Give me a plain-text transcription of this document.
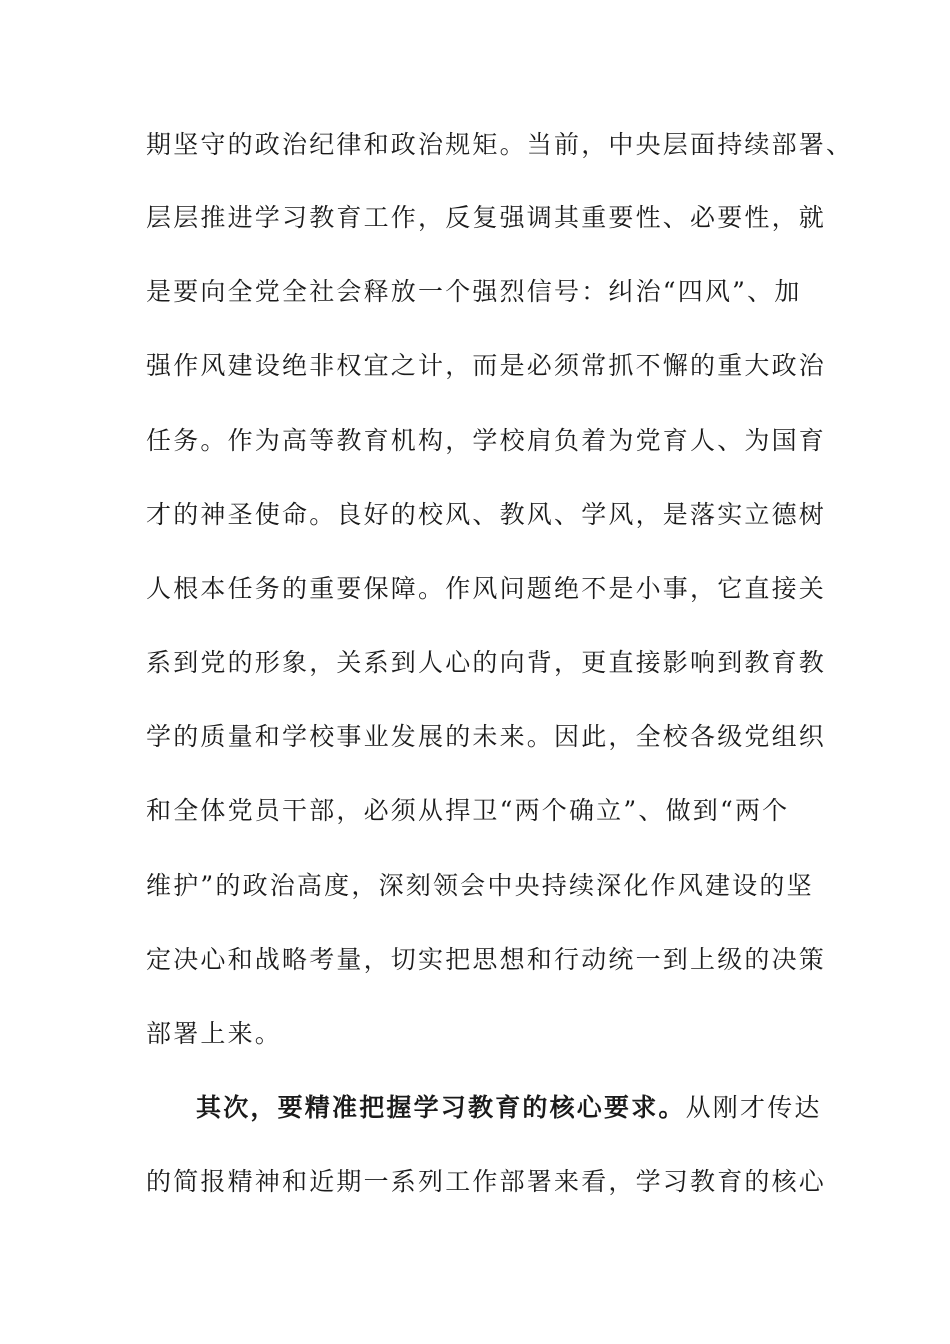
期坚守的政治纪律和政治规矩。当前，中央层面持续部署、
层层推进学习教育工作，反复强调其重要性、必要性，就
是要向全党全社会释放一个强烈信号：纠治“四风”、加
强作风建设绝非权宜之计，而是必须常抓不懈的重大政治
任务。作为高等教育机构，学校肩负着为党育人、为国育
才的神圣使命。良好的校风、教风、学风，是落实立德树
人根本任务的重要保障。作风问题绝不是小事，它直接关
系到党的形象，关系到人心的向背，更直接影响到教育教
学的质量和学校事业发展的未来。因此，全校各级党组织
和全体党员干部，必须从捍卫“两个确立”、做到“两个
维护”的政治高度，深刻领会中央持续深化作风建设的坚
定决心和战略考量，切实把思想和行动统一到上级的决策
部署上来。
其次，要精准把握学习教育的核心要求。从刚才传达
的简报精神和近期一系列工作部署来看，学习教育的核心
